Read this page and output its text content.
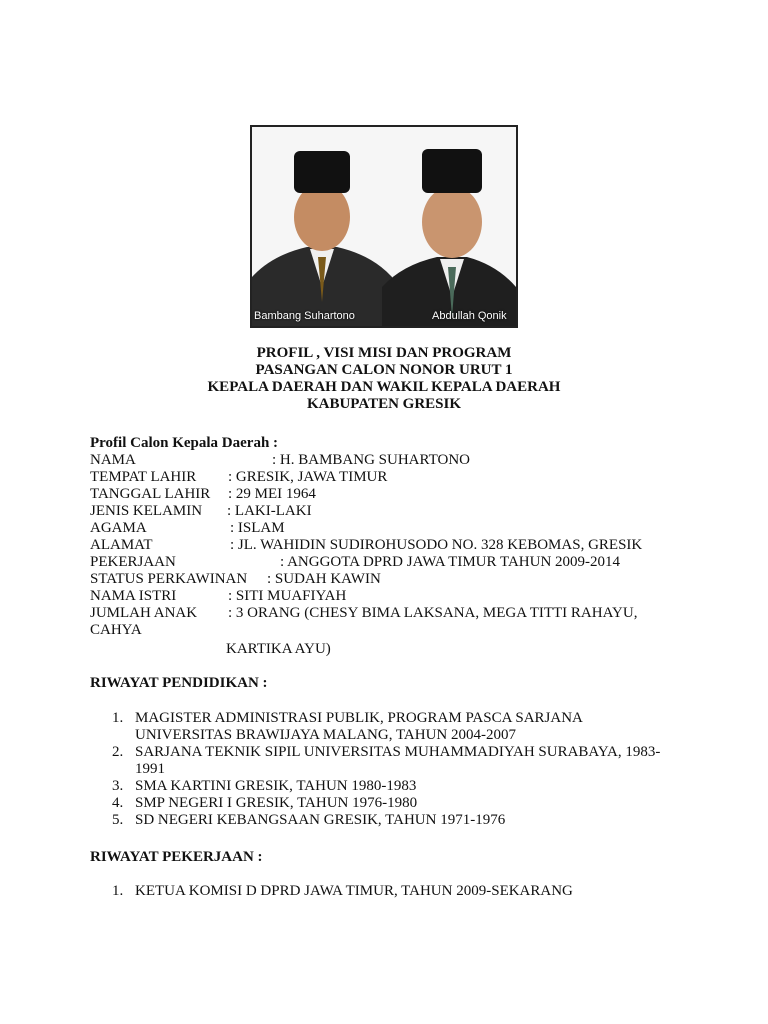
Bambang Suhartono	Abdullah Qonik
PROFIL , VISI MISI DAN PROGRAM
PASANGAN CALON NONOR URUT 1
KEPALA DAERAH DAN WAKIL KEPALA DAERAH
KABUPATEN GRESIK
Profil Calon Kepala Daerah :
NAMA	: H. BAMBANG SUHARTONO
TEMPAT LAHIR : GRESIK, JAWA TIMUR
TANGGAL LAHIR : 29 MEI 1964
JENIS KELAMIN : LAKI-LAKI
AGAMA	: ISLAM
ALAMAT	: JL. WAHIDIN SUDIROHUSODO NO. 328 KEBOMAS, GRESIK
PEKERJAAN	: ANGGOTA DPRD JAWA TIMUR TAHUN 2009-2014
STATUS PERKAWINAN : SUDAH KAWIN
NAMA ISTRI	: SITI MUAFIYAH
JUMLAH ANAK : 3 ORANG (CHESY BIMA LAKSANA, MEGA TITTI RAHAYU,
CAHYA
KARTIKA AYU)
RIWAYAT PENDIDIKAN :
1. MAGISTER ADMINISTRASI PUBLIK, PROGRAM PASCA SARJANA
UNIVERSITAS BRAWIJAYA MALANG, TAHUN 2004-2007
2. SARJANA TEKNIK SIPIL UNIVERSITAS MUHAMMADIYAH SURABAYA, 1983-
1991
3. SMA KARTINI GRESIK, TAHUN 1980-1983
4. SMP NEGERI I GRESIK, TAHUN 1976-1980
5. SD NEGERI KEBANGSAAN GRESIK, TAHUN 1971-1976
RIWAYAT PEKERJAAN :
1. KETUA KOMISI D DPRD JAWA TIMUR, TAHUN 2009-SEKARANG
